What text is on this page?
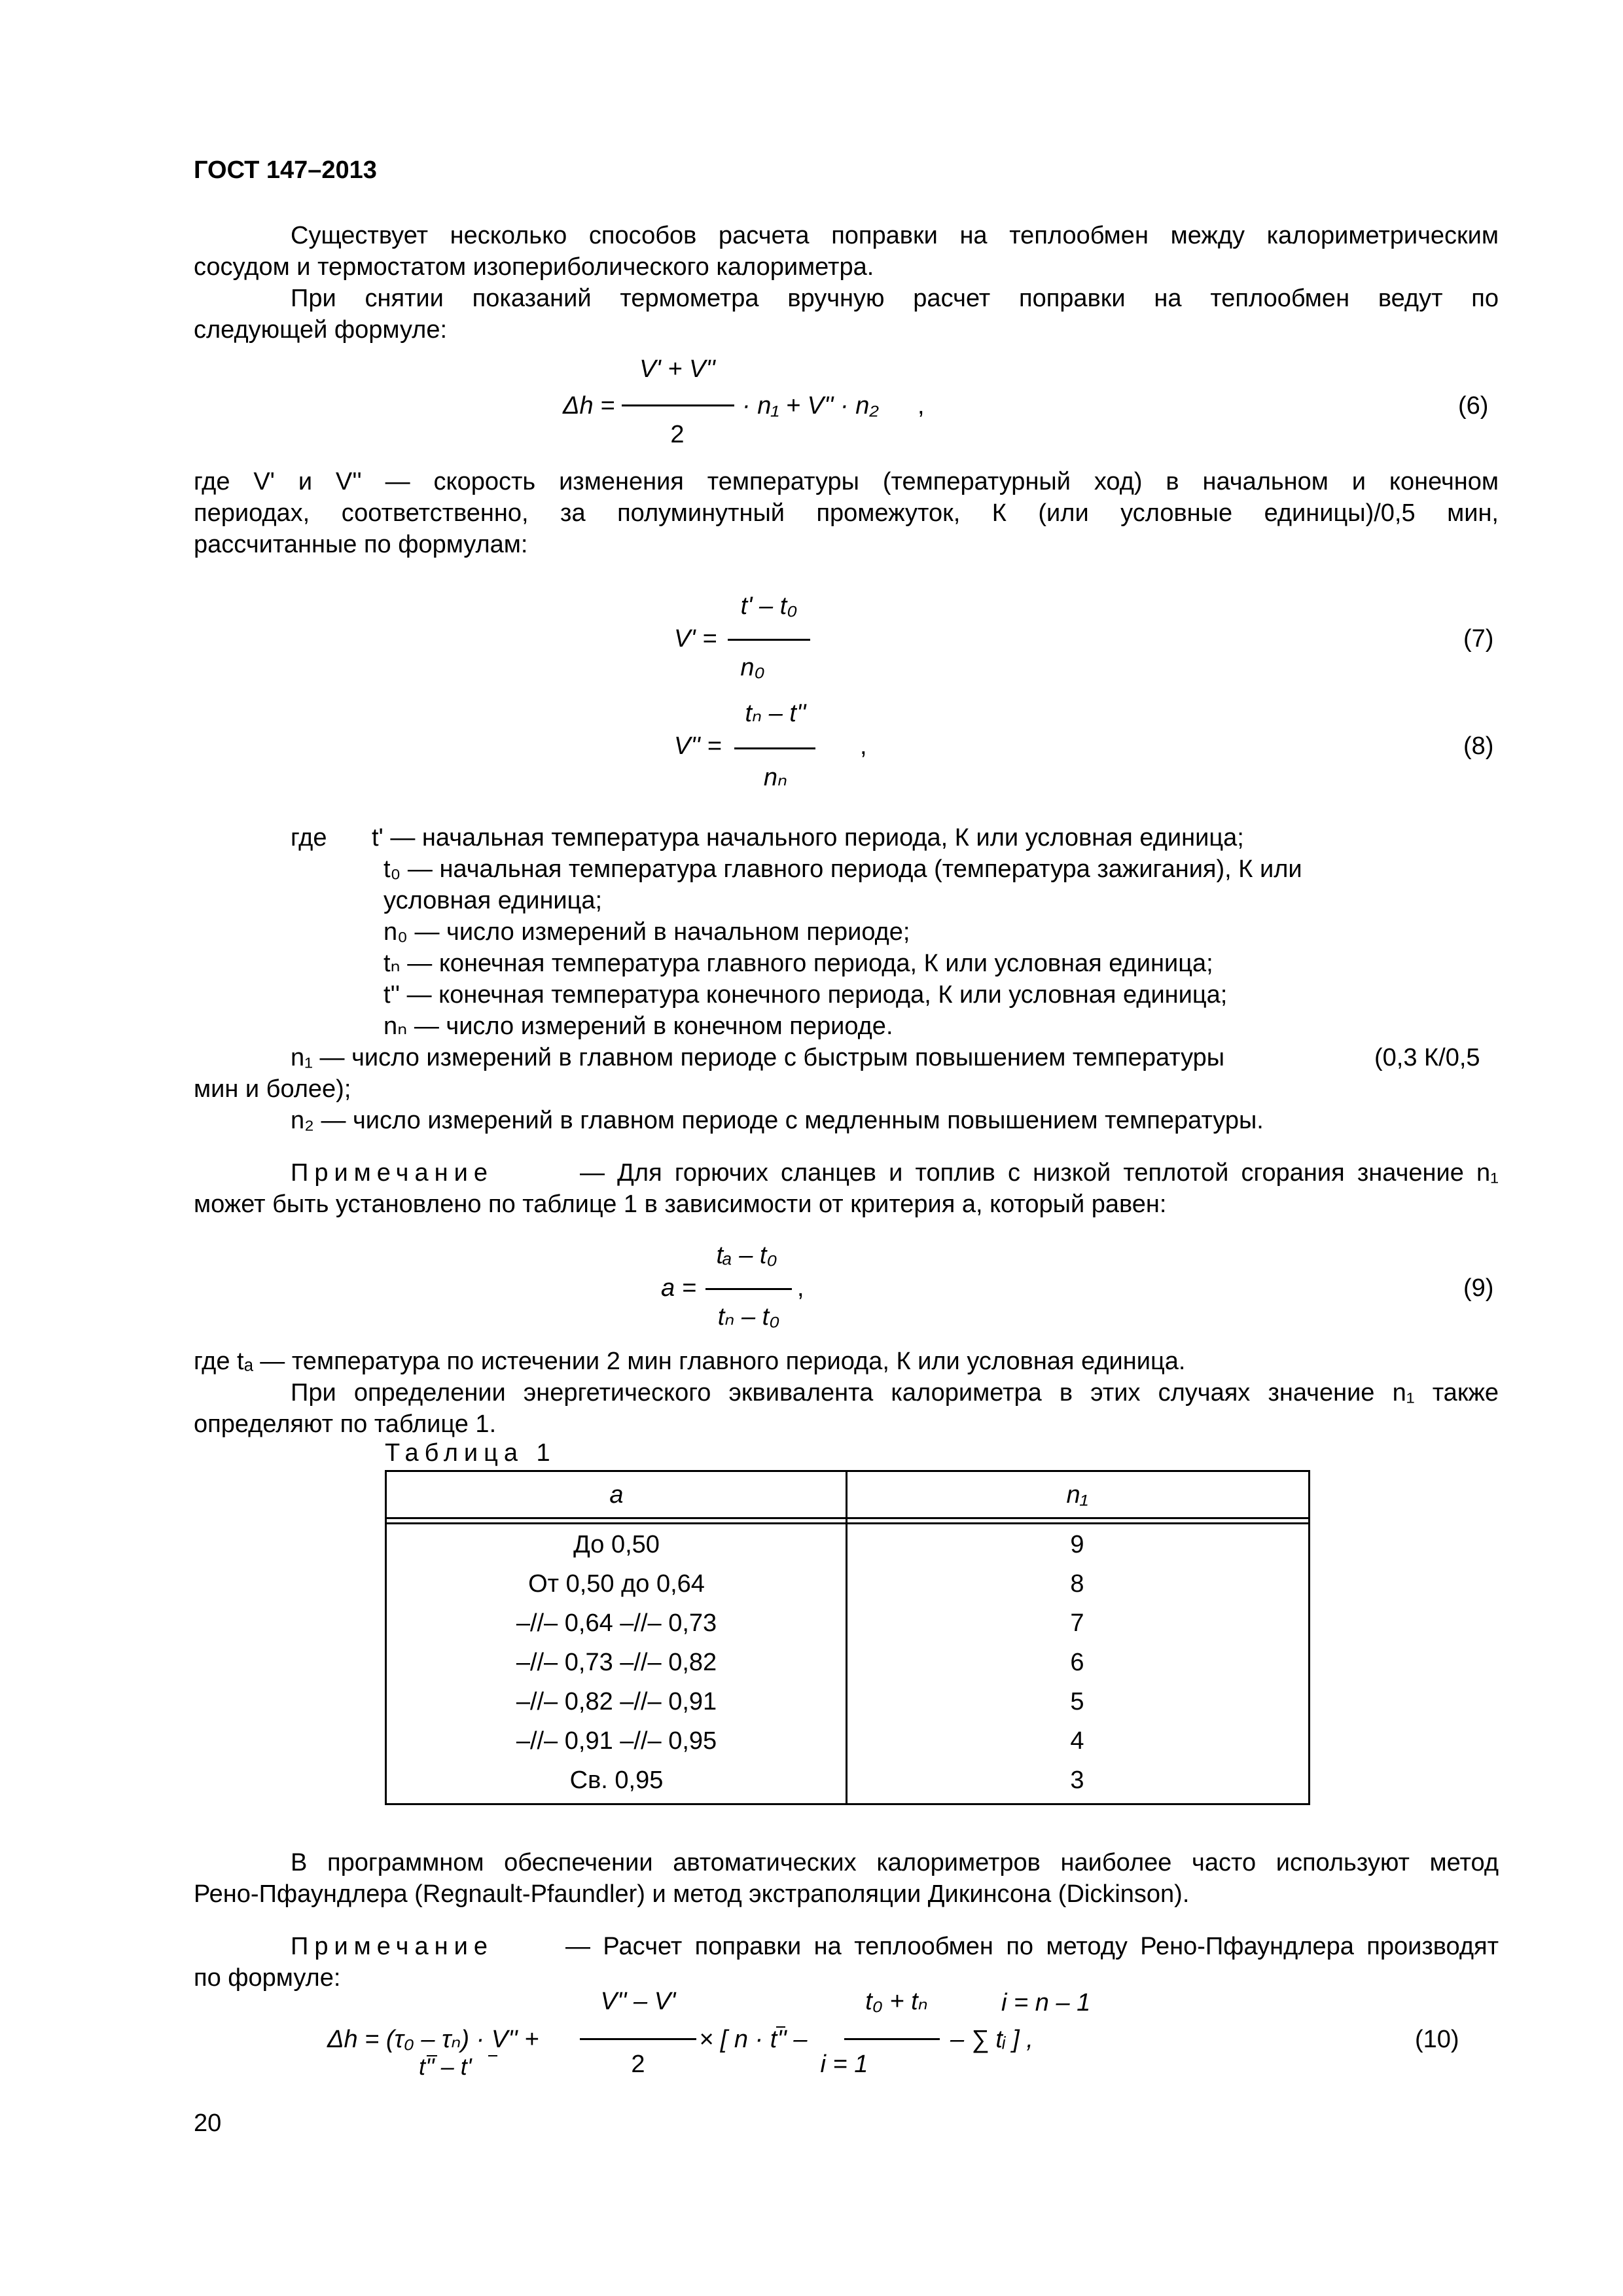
ГОСТ 147–2013
Существует несколько способов расчета поправки на теплообмен между калориметрическим
сосудом и термостатом изопериболического калориметра.
При снятии показаний термометра вручную расчет поправки на теплообмен ведут по
следующей формуле:
Δh =
V' + V''
2
· n₁ + V'' · n₂ ,	(6)
где V' и V'' — скорость изменения температуры (температурный ход) в начальном и конечном
периодах, соответственно, за полуминутный промежуток, К (или условные единицы)/0,5 мин,
рассчитанные по формулам:
V' =
t' – t₀
n₀
(7)
V'' =
tₙ – t''
nₙ
,	(8)
где t' — начальная температура начального периода, К или условная единица;
t₀ — начальная температура главного периода (температура зажигания), К или
условная единица;
n₀ — число измерений в начальном периоде;
tₙ — конечная температура главного периода, К или условная единица;
t'' — конечная температура конечного периода, К или условная единица;
nₙ — число измерений в конечном периоде.
n₁ — число измерений в главном периоде с быстрым повышением температуры	(0,3 К/0,5
мин и более);
n₂ — число измерений в главном периоде с медленным повышением температуры.
Примечание	— Для горючих сланцев и топлив с низкой теплотой сгорания значение n₁
может быть установлено по таблице 1 в зависимости от критерия a, который равен:
a =
tₐ – t₀
tₙ – t₀
,	(9)
где tₐ — температура по истечении 2 мин главного периода, К или условная единица.
При определении энергетического эквивалента калориметра в этих случаях значение n₁ также
определяют по таблице 1.
Таблица 1
a	n₁
До 0,50	9
От 0,50 до 0,64	8
–//– 0,64 –//– 0,73	7
–//– 0,73 –//– 0,82	6
–//– 0,82 –//– 0,91	5
–//– 0,91 –//– 0,95	4
Св. 0,95	3
В программном обеспечении автоматических калориметров наиболее часто используют метод
Рено-Пфаундлера (Regnault-Pfaundler) и метод экстраполяции Дикинсона (Dickinson).
Примечание	— Расчет поправки на теплообмен по методу Рено-Пфаундлера производят
по формуле:
Δh = (τ₀ – τₙ) · V'' +
t'' – t'
V'' – V'
2
× [ n · t'' –
t₀ + tₙ
i = 1
i = n – 1
– ∑ tᵢ ] ,	(10)
20
